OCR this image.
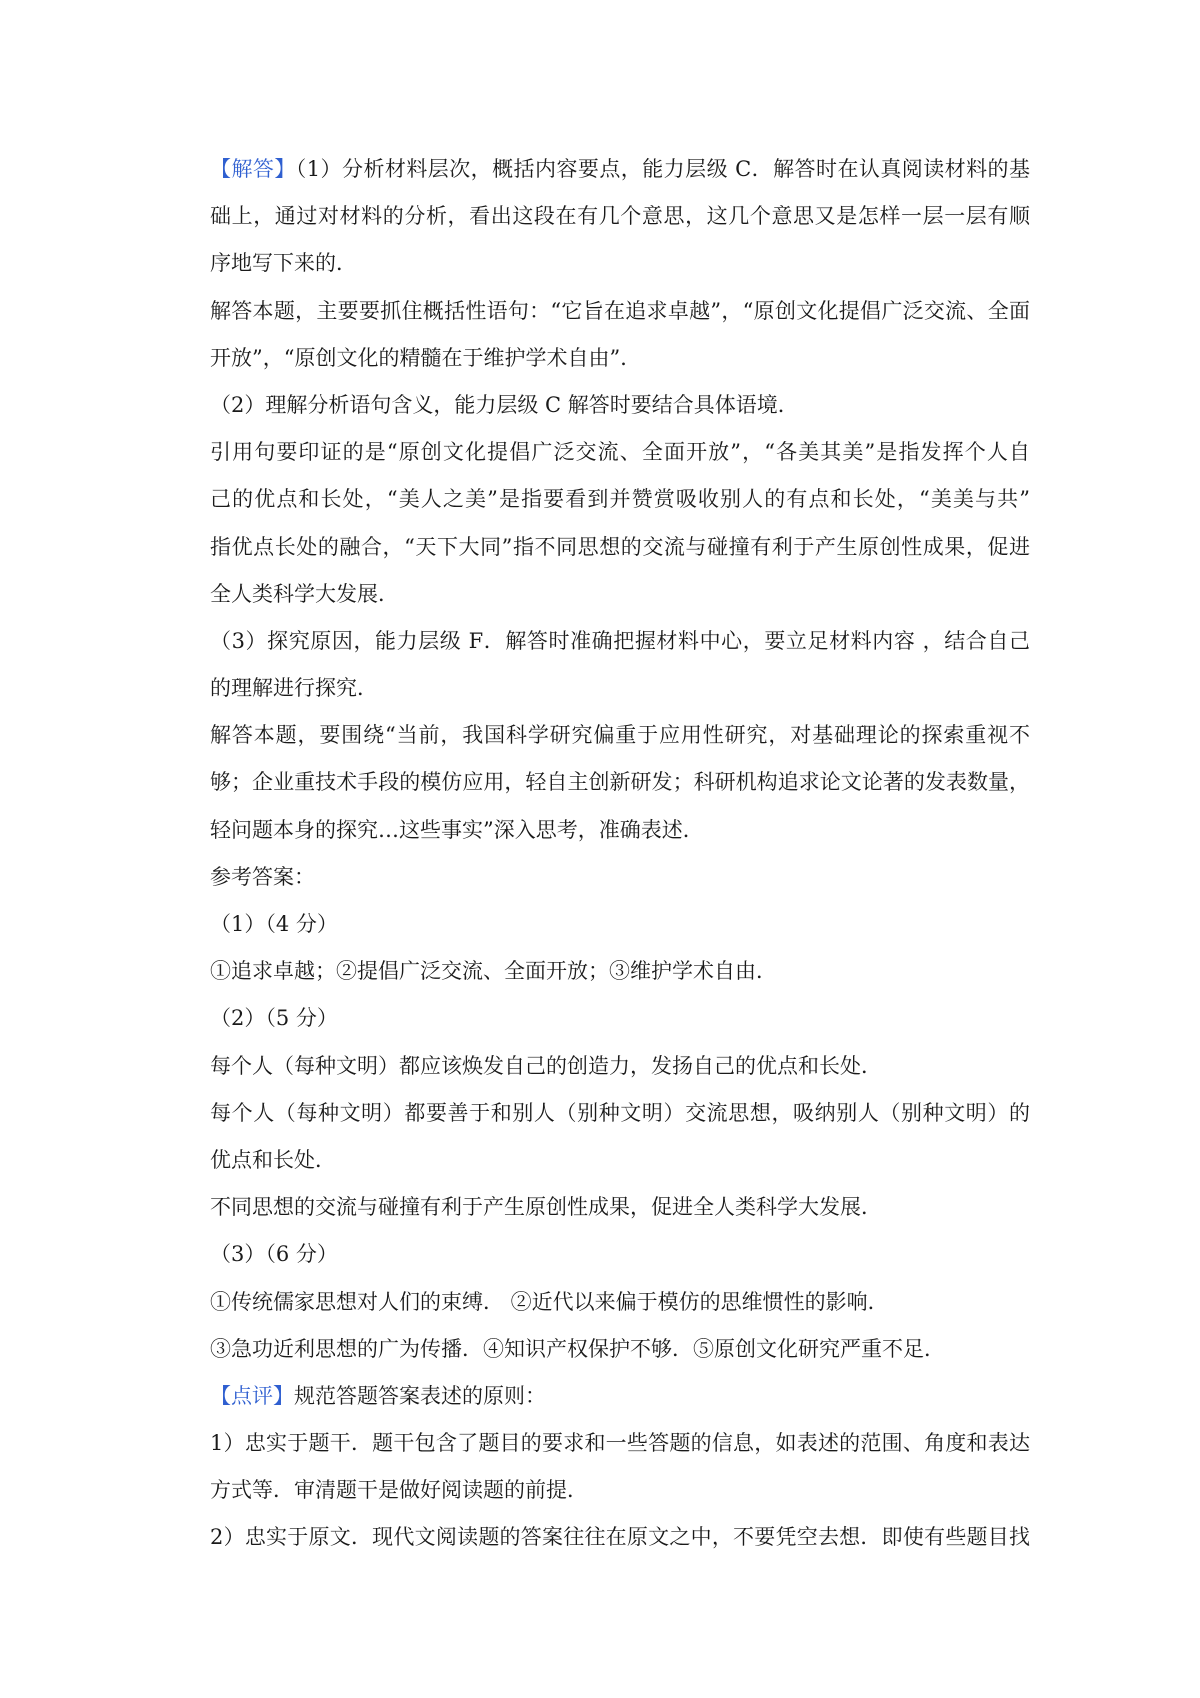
【解答】（1）分析材料层次，概括内容要点，能力层级 C．解答时在认真阅读材料的基
础上，通过对材料的分析，看出这段在有几个意思，这几个意思又是怎样一层一层有顺
序地写下来的．
解答本题，主要要抓住概括性语句：“它旨在追求卓越”，“原创文化提倡广泛交流、全面
开放”，“原创文化的精髓在于维护学术自由”．
（2）理解分析语句含义，能力层级 C 解答时要结合具体语境．
引用句要印证的是“原创文化提倡广泛交流、全面开放”，“各美其美”是指发挥个人自
己的优点和长处，“美人之美”是指要看到并赞赏吸收别人的有点和长处，“美美与共”
指优点长处的融合，“天下大同”指不同思想的交流与碰撞有利于产生原创性成果，促进
全人类科学大发展．
（3）探究原因，能力层级 F．解答时准确把握材料中心，要立足材料内容 ，结合自己
的理解进行探究．
解答本题，要围绕“当前，我国科学研究偏重于应用性研究，对基础理论的探索重视不
够；企业重技术手段的模仿应用，轻自主创新研发；科研机构追求论文论著的发表数量，
轻问题本身的探究…这些事实”深入思考，准确表述．
参考答案：
（1）（4 分）
①追求卓越；②提倡广泛交流、全面开放；③维护学术自由．
（2）（5 分）
每个人（每种文明）都应该焕发自己的创造力，发扬自己的优点和长处．
每个人（每种文明）都要善于和别人（别种文明）交流思想，吸纳别人（别种文明）的
优点和长处．
不同思想的交流与碰撞有利于产生原创性成果，促进全人类科学大发展．
（3）（6 分）
①传统儒家思想对人们的束缚． ②近代以来偏于模仿的思维惯性的影响．
③急功近利思想的广为传播．④知识产权保护不够．⑤原创文化研究严重不足．
【点评】规范答题答案表述的原则：
1）忠实于题干．题干包含了题目的要求和一些答题的信息，如表述的范围、角度和表达
方式等．审清题干是做好阅读题的前提．
2）忠实于原文．现代文阅读题的答案往往在原文之中，不要凭空去想．即使有些题目找
